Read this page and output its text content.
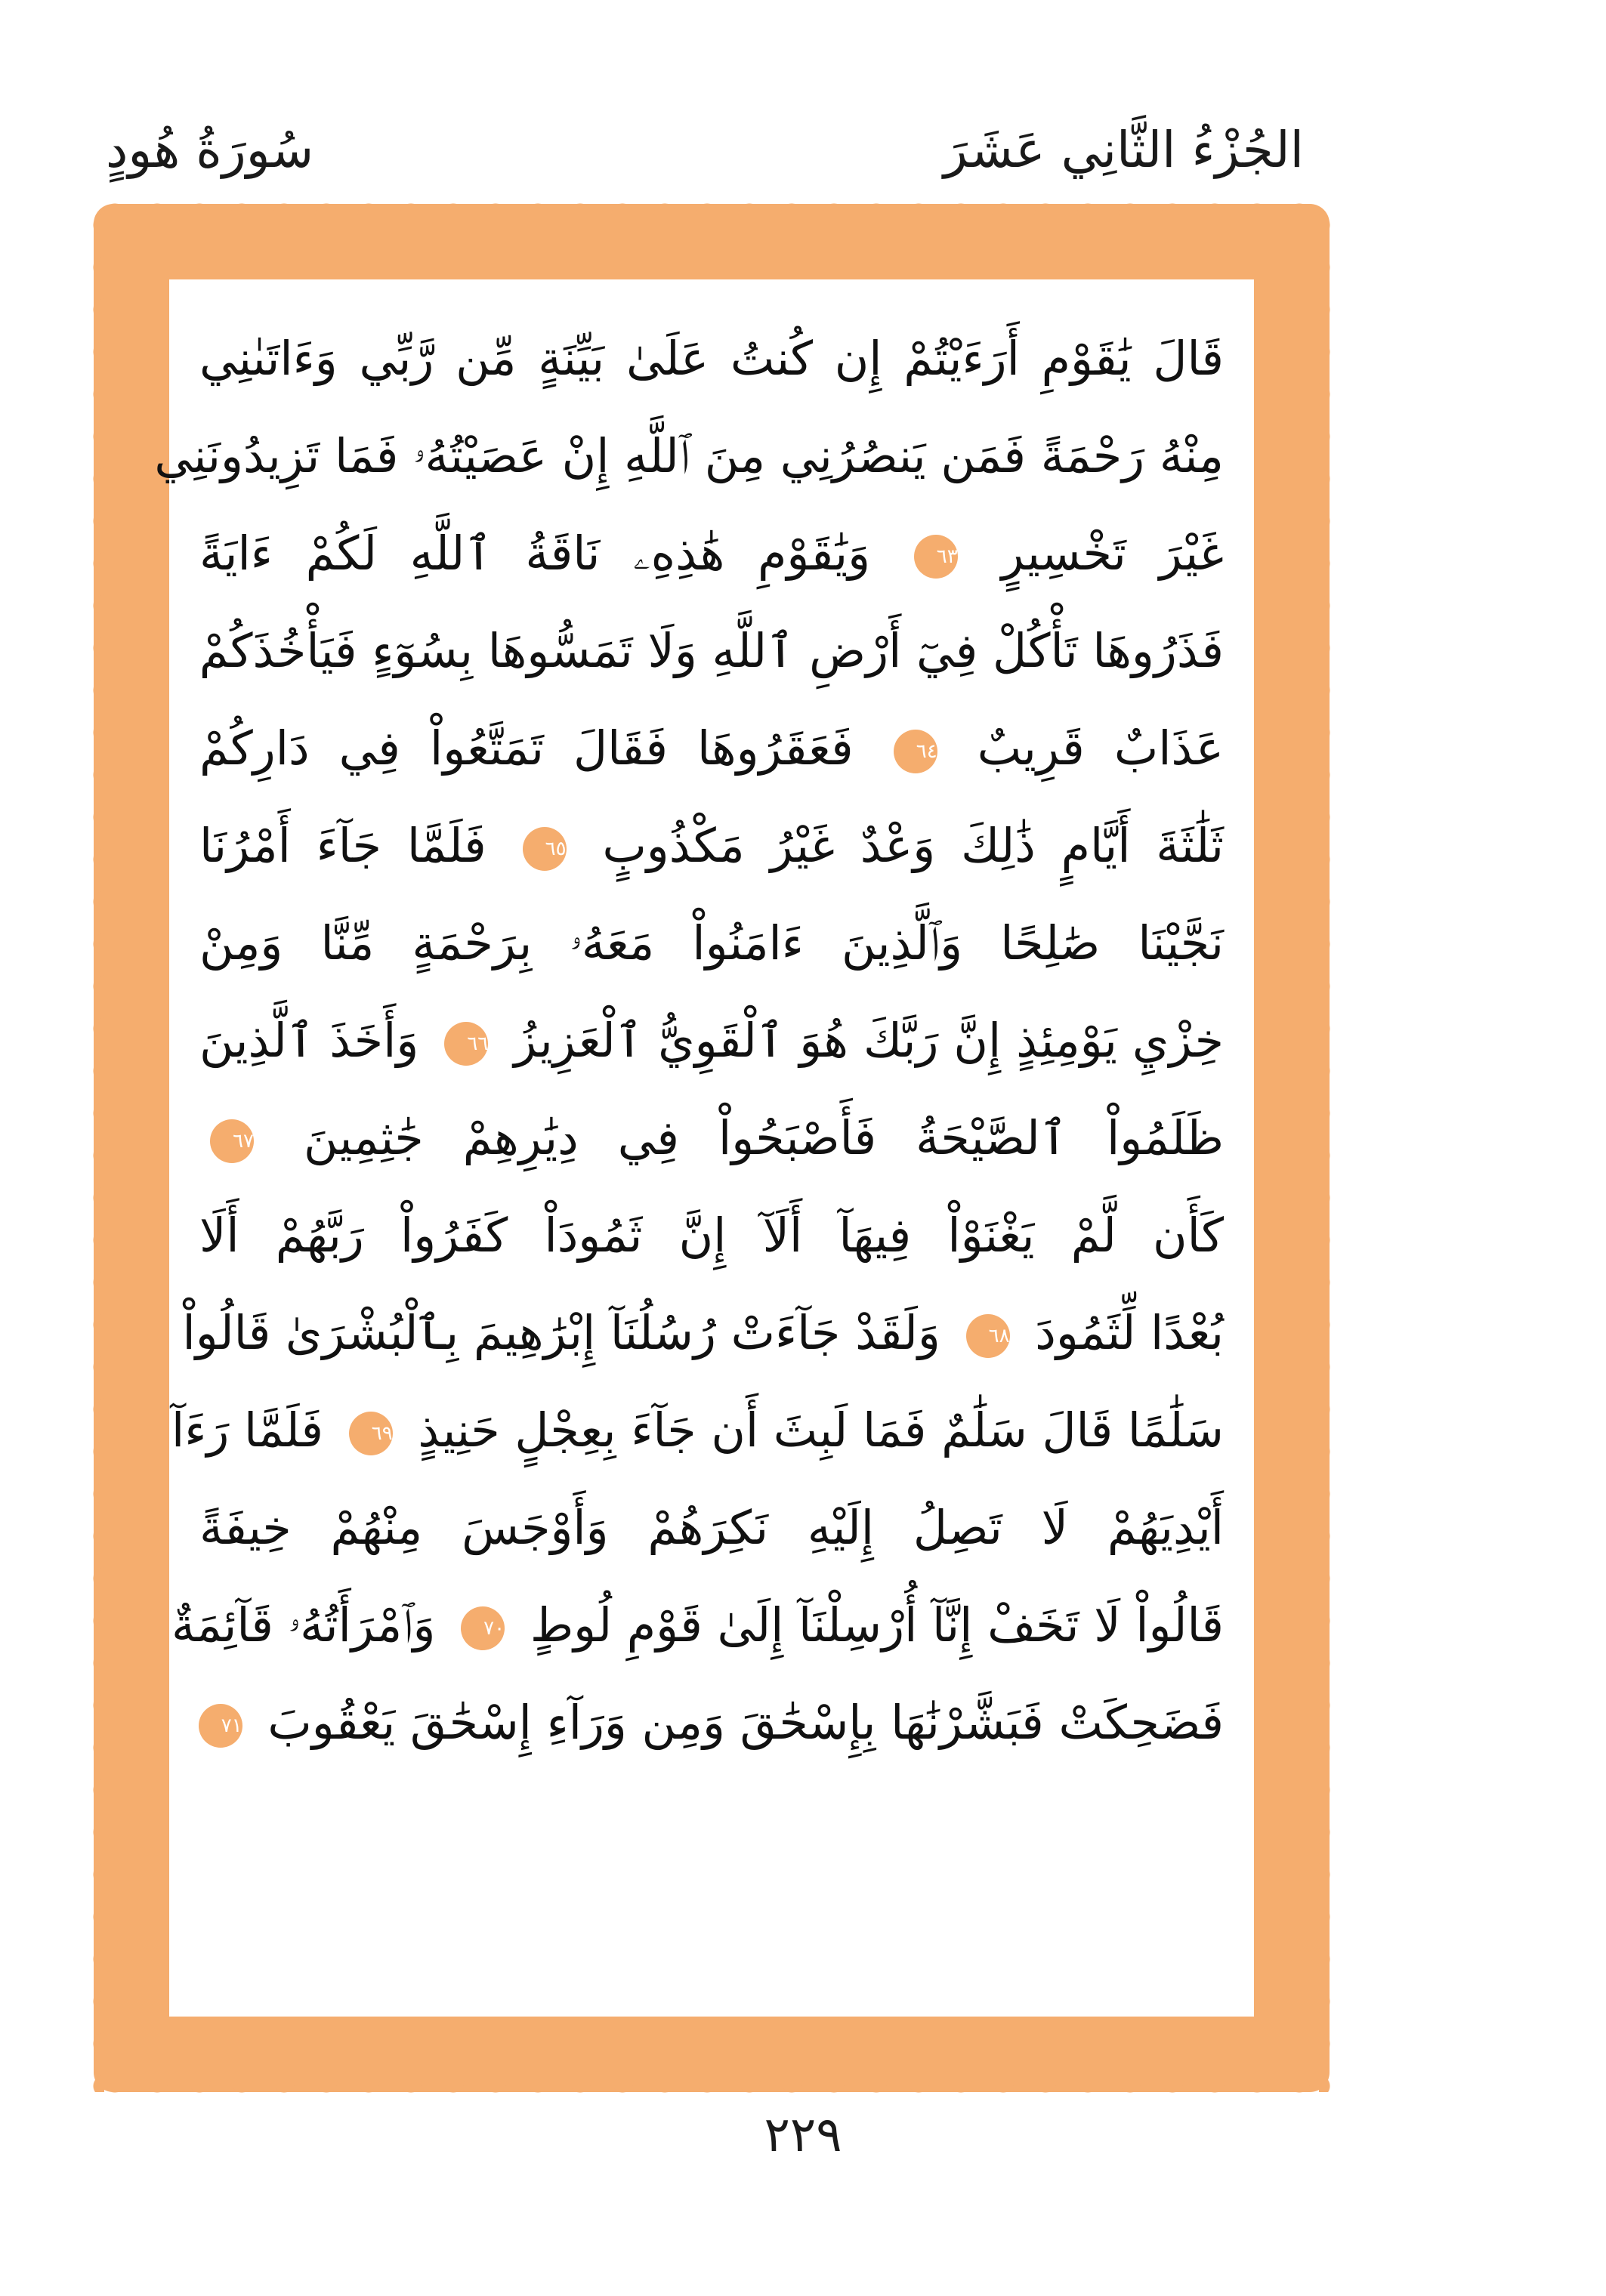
الجُزْءُ الثَّانِي عَشَرَ
سُورَةُ هُودٍ
قَالَ يَٰقَوْمِ أَرَءَيْتُمْ إِن كُنتُ عَلَىٰ بَيِّنَةٍ مِّن رَّبِّي وَءَاتَىٰنِي
مِنْهُ رَحْمَةً فَمَن يَنصُرُنِي مِنَ ٱللَّهِ إِنْ عَصَيْتُهُۥ فَمَا تَزِيدُونَنِي
غَيْرَ تَخْسِيرٍ ٦٣ وَيَٰقَوْمِ هَٰذِهِۦ نَاقَةُ ٱللَّهِ لَكُمْ ءَايَةً
فَذَرُوهَا تَأْكُلْ فِيٓ أَرْضِ ٱللَّهِ وَلَا تَمَسُّوهَا بِسُوٓءٍ فَيَأْخُذَكُمْ
عَذَابٌ قَرِيبٌ ٦٤ فَعَقَرُوهَا فَقَالَ تَمَتَّعُواْ فِي دَارِكُمْ
ثَلَٰثَةَ أَيَّامٍ ذَٰلِكَ وَعْدٌ غَيْرُ مَكْذُوبٍ ٦٥ فَلَمَّا جَآءَ أَمْرُنَا
نَجَّيْنَا صَٰلِحًا وَٱلَّذِينَ ءَامَنُواْ مَعَهُۥ بِرَحْمَةٍ مِّنَّا وَمِنْ
خِزْيِ يَوْمِئِذٍ إِنَّ رَبَّكَ هُوَ ٱلْقَوِيُّ ٱلْعَزِيزُ ٦٦ وَأَخَذَ ٱلَّذِينَ
ظَلَمُواْ ٱلصَّيْحَةُ فَأَصْبَحُواْ فِي دِيَٰرِهِمْ جَٰثِمِينَ ٦٧
كَأَن لَّمْ يَغْنَوْاْ فِيهَآ أَلَآ إِنَّ ثَمُودَاْ كَفَرُواْ رَبَّهُمْ أَلَا
بُعْدًا لِّثَمُودَ ٦٨ وَلَقَدْ جَآءَتْ رُسُلُنَآ إِبْرَٰهِيمَ بِٱلْبُشْرَىٰ قَالُواْ
سَلَٰمًا قَالَ سَلَٰمٌ فَمَا لَبِثَ أَن جَآءَ بِعِجْلٍ حَنِيذٍ ٦٩ فَلَمَّا رَءَآ
أَيْدِيَهُمْ لَا تَصِلُ إِلَيْهِ نَكِرَهُمْ وَأَوْجَسَ مِنْهُمْ خِيفَةً
قَالُواْ لَا تَخَفْ إِنَّآ أُرْسِلْنَآ إِلَىٰ قَوْمِ لُوطٍ ٧٠ وَٱمْرَأَتُهُۥ قَآئِمَةٌ
فَضَحِكَتْ فَبَشَّرْنَٰهَا بِإِسْحَٰقَ وَمِن وَرَآءِ إِسْحَٰقَ يَعْقُوبَ ٧١
٢٢٩
